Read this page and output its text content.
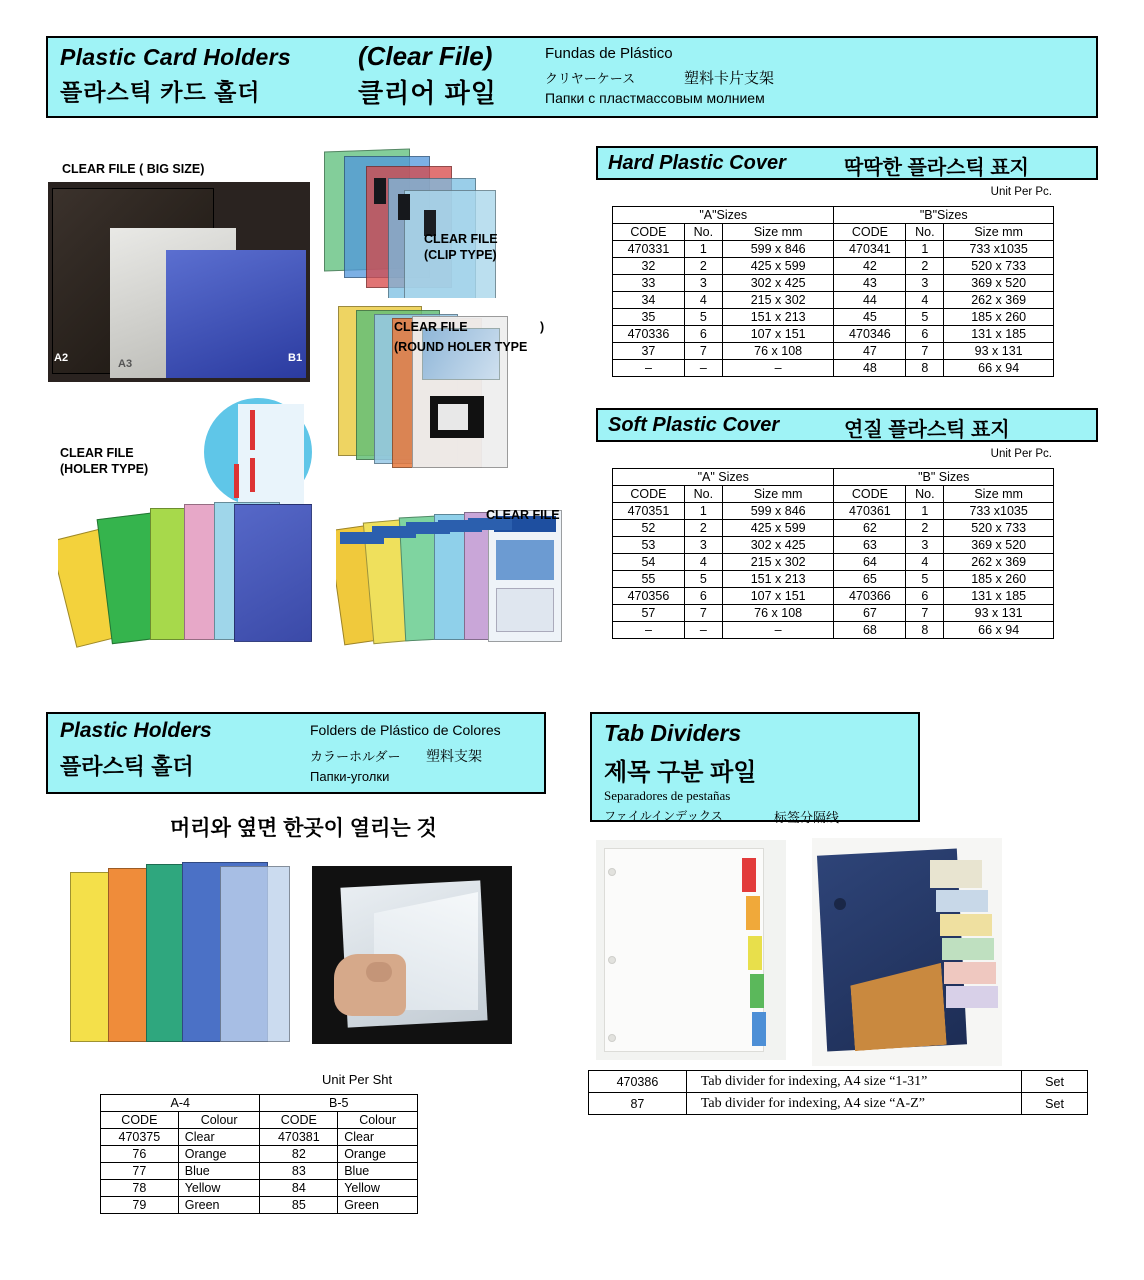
Plastic Card Holders
플라스틱 카드 홀더
(Clear File)
클리어 파일
Fundas de Plástico
クリヤーケース	塑料卡片支架
Папки с пластмассовым молнием
CLEAR FILE ( BIG SIZE)
A2	A3	B1
CLEAR FILE
(CLIP TYPE)
CLEAR FILE
(ROUND HOLER TYPE
)
CLEAR FILE
(HOLER TYPE)
CLEAR FILE
Hard Plastic Cover	딱딱한 플라스틱 표지
Unit Per Pc.
"A"Sizes			"B"Sizes		
CODE	No.	Size mm	CODE	No.	Size mm
470331	1	599 x 846	470341	1	733 x1035
32	2	425 x 599	42	2	520 x 733
33	3	302 x 425	43	3	369 x 520
34	4	215 x 302	44	4	262 x 369
35	5	151 x 213	45	5	185 x 260
470336	6	107 x 151	470346	6	131 x 185
37	7	76 x 108	47	7	93 x 131
–	–	–	48	8	66 x 94
Soft Plastic Cover	연질 플라스틱 표지
Unit Per Pc.
"A" Sizes			"B" Sizes		
CODE	No.	Size mm	CODE	No.	Size mm
470351	1	599 x 846	470361	1	733 x1035
52	2	425 x 599	62	2	520 x 733
53	3	302 x 425	63	3	369 x 520
54	4	215 x 302	64	4	262 x 369
55	5	151 x 213	65	5	185 x 260
470356	6	107 x 151	470366	6	131 x 185
57	7	76 x 108	67	7	93 x 131
–	–	–	68	8	66 x 94
Plastic Holders
플라스틱 홀더
Folders de Plástico de Colores
カラーホルダー 塑料支架
Папки-уголки
머리와 옆면 한곳이 열리는 것
Unit Per Sht
A-4		B-5	
CODE	Colour	CODE	Colour
470375	Clear	470381	Clear
76	Orange	82	Orange
77	Blue	83	Blue
78	Yellow	84	Yellow
79	Green	85	Green
Tab Dividers
제목 구분 파일
Separadores de pestañas
ファイルインデックス	标签分隔线
470386	Tab divider for indexing, A4 size “1-31”	Set
87	Tab divider for indexing, A4 size “A-Z”	Set
